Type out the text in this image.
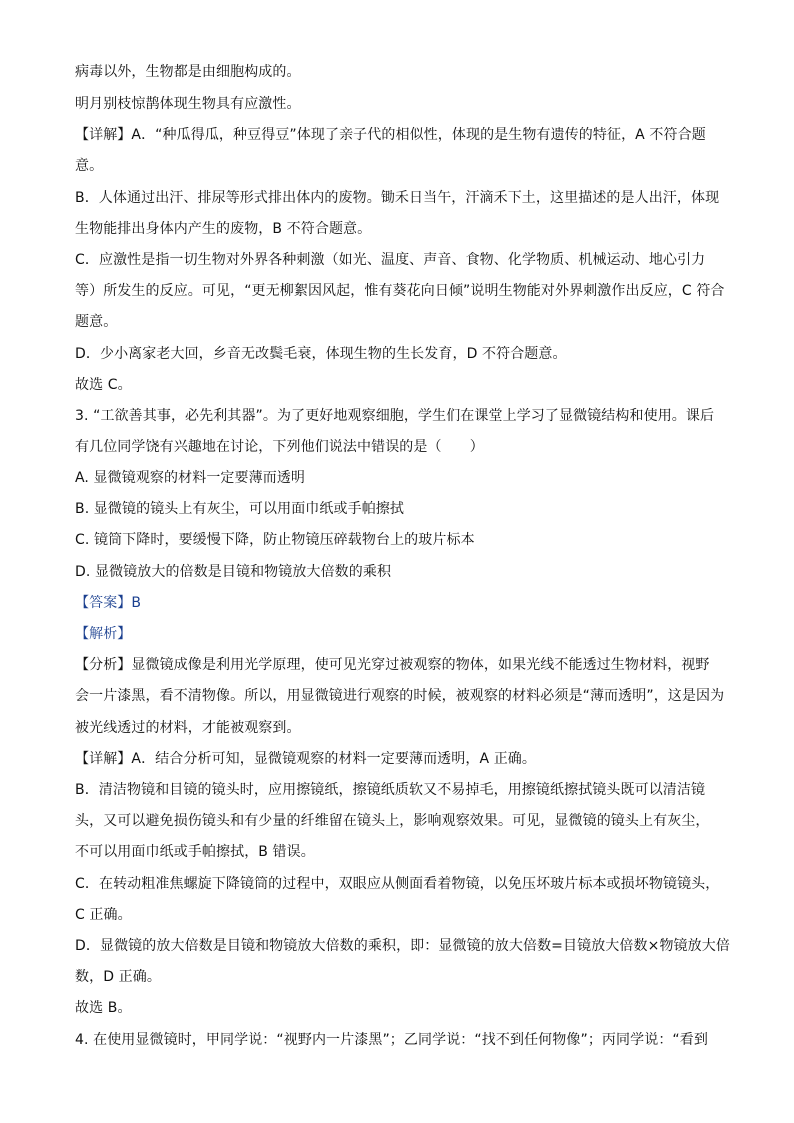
病毒以外，生物都是由细胞构成的。
明月别枝惊鹊体现生物具有应激性。
【详解】A．“种瓜得瓜，种豆得豆”体现了亲子代的相似性，体现的是生物有遗传的特征，A 不符合题
意。
B．人体通过出汗、排尿等形式排出体内的废物。锄禾日当午，汗滴禾下土，这里描述的是人出汗，体现
生物能排出身体内产生的废物，B 不符合题意。
C．应激性是指一切生物对外界各种刺激（如光、温度、声音、食物、化学物质、机械运动、地心引力
等）所发生的反应。可见，“更无柳絮因风起，惟有葵花向日倾”说明生物能对外界刺激作出反应，C 符合
题意。
D．少小离家老大回，乡音无改鬓毛衰，体现生物的生长发育，D 不符合题意。
故选 C。
3. “工欲善其事，必先利其器”。为了更好地观察细胞，学生们在课堂上学习了显微镜结构和使用。课后
有几位同学饶有兴趣地在讨论，下列他们说法中错误的是（　　）
A. 显微镜观察的材料一定要薄而透明
B. 显微镜的镜头上有灰尘，可以用面巾纸或手帕擦拭
C. 镜筒下降时，要缓慢下降，防止物镜压碎载物台上的玻片标本
D. 显微镜放大的倍数是目镜和物镜放大倍数的乘积
【答案】B
【解析】
【分析】显微镜成像是利用光学原理，使可见光穿过被观察的物体，如果光线不能透过生物材料，视野
会一片漆黑，看不清物像。所以，用显微镜进行观察的时候，被观察的材料必须是“薄而透明”，这是因为
被光线透过的材料，才能被观察到。
【详解】A．结合分析可知，显微镜观察的材料一定要薄而透明，A 正确。
B．清洁物镜和目镜的镜头时，应用擦镜纸，擦镜纸质软又不易掉毛，用擦镜纸擦拭镜头既可以清洁镜
头，又可以避免损伤镜头和有少量的纤维留在镜头上，影响观察效果。可见，显微镜的镜头上有灰尘，
不可以用面巾纸或手帕擦拭，B 错误。
C．在转动粗准焦螺旋下降镜筒的过程中，双眼应从侧面看着物镜，以免压坏玻片标本或损坏物镜镜头，
C 正确。
D．显微镜的放大倍数是目镜和物镜放大倍数的乘积，即：显微镜的放大倍数=目镜放大倍数×物镜放大倍
数，D 正确。
故选 B。
4. 在使用显微镜时，甲同学说：“视野内一片漆黑”；乙同学说：“找不到任何物像”；丙同学说：“看到
